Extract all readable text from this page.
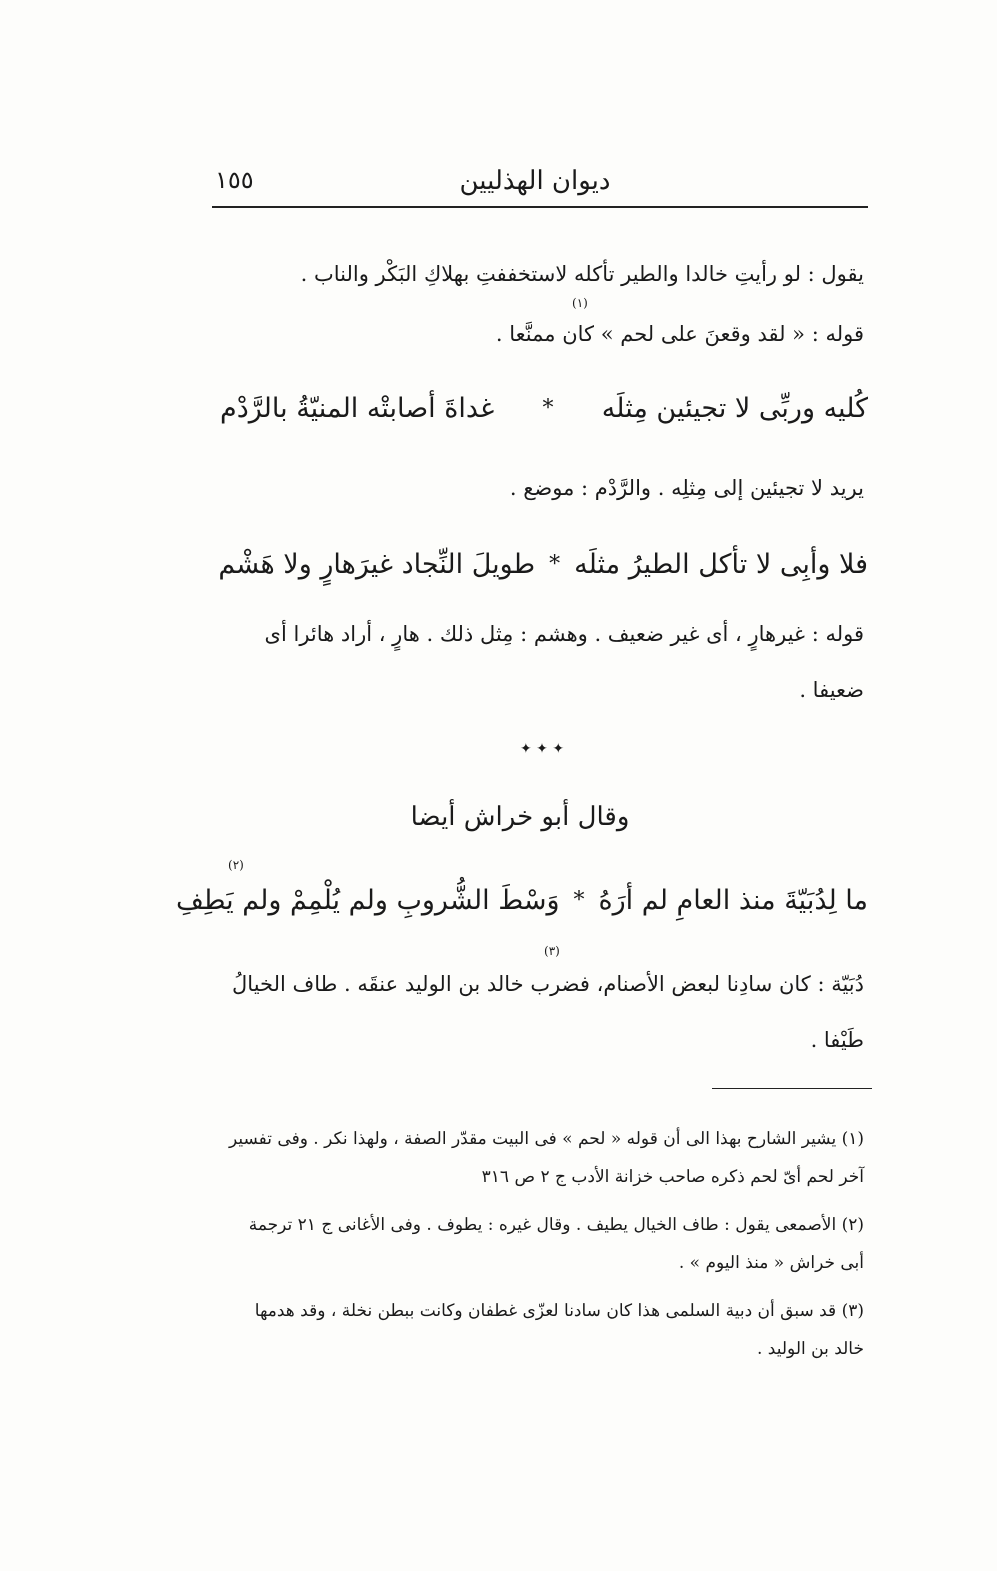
ديوان الهذليين
١٥٥
يقول : لو رأيتِ خالدا والطير تأكله لاستخففتِ بهلاكِ البَكْر والناب .
(١)
قوله : « لقد وقعنَ على لحم » كان ممنَّعا .
كُليه وربِّى لا تجيئين مِثلَه
*
غداةَ أصابتْه المنيّةُ بالرَّدْم
يريد لا تجيئين إلى مِثلِه . والرَّدْم : موضع .
فلا وأبِى لا تأكل الطيرُ مثلَه
*
طويلَ النِّجاد غيرَهارٍ ولا هَشْم
قوله : غيرهارٍ ، أى غير ضعيف . وهشم : مِثل ذلك . هارٍ ، أراد هائرا أى ضعيفا .
✦ ✦ ✦
وقال أبو خراش أيضا
(٢)
ما لِدُبَيّةَ منذ العامِ لم أرَهُ
*
وَسْطَ الشُّروبِ ولم يُلْمِمْ ولم يَطِفِ
(٣)
دُبَيّة : كان سادِنا لبعض الأصنام، فضرب خالد بن الوليد عنقَه . طاف الخيالُ طَيْفا .
(١) يشير الشارح بهذا الى أن قوله « لحم » فى البيت مقدّر الصفة ، ولهذا نكر . وفى تفسير آخر لحم أىّ لحم ذكره صاحب خزانة الأدب ج ٢ ص ٣١٦
(٢) الأصمعى يقول : طاف الخيال يطيف . وقال غيره : يطوف . وفى الأغانى ج ٢١ ترجمة أبى خراش « منذ اليوم » .
(٣) قد سبق أن دبية السلمى هذا كان سادنا لعزّى غطفان وكانت ببطن نخلة ، وقد هدمها خالد بن الوليد .
